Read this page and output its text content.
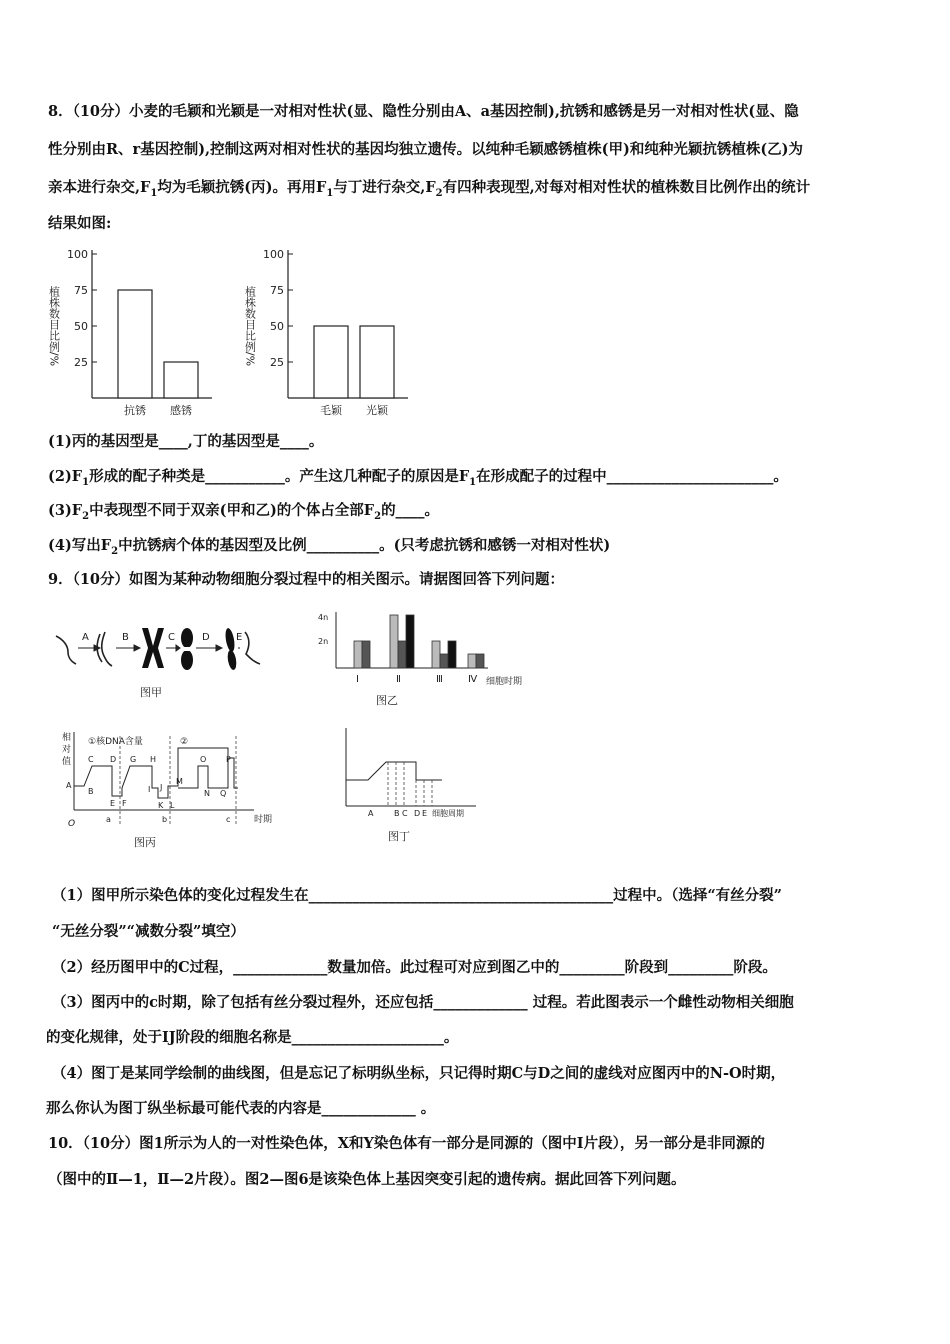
8．（10分）小麦的毛颖和光颖是一对相对性状(显、隐性分别由A、a基因控制),抗锈和感锈是另一对相对性状(显、隐
性分别由R、r基因控制),控制这两对相对性状的基因均独立遗传。以纯种毛颖感锈植株(甲)和纯种光颖抗锈植株(乙)为
亲本进行杂交$,F_1$均为毛颖抗锈(丙)。再用$F_1$与丁进行杂交$,F_2$有四种表现型,对每对相对性状的植株数目比例作出的统计
结果如图:
植株数目比例/% 25
50
75
100
抗锈 感锈
植株数目比例/% 25
50
75
100
毛颖 光颖
(1)丙的基因型是____,丁的基因型是____。
$(2)F_1$形成的配子种类是___________。产生这几种配子的原因是$F_1$在形成配子的过程中_______________________。
$(3)F_2$中表现型不同于双亲(甲和乙)的个体占全部$F_2$的____。
(4)写出$F_2$中抗锈病个体的基因型及比例__________。(只考虑抗锈和感锈一对相对性状)
9．（10分）如图为某种动物细胞分裂过程中的相关图示。请据图回答下列问题：
A	B	C	D	E
图甲
4n
2n
Ⅰ	Ⅱ	Ⅲ	Ⅳ 细胞时期
图乙
相
对
值
①核DNA含量	②
O	时期
A
B
C D
E F
G H
I J
K L
M
N
O P
Q
a	b	c
图丙
A	B C D E 细胞周期
图丁
（1）图甲所示染色体的变化过程发生在__________________________________________过程中。（选择“有丝分裂”
“无丝分裂”“减数分裂”填空）
（2）经历图甲中的C过程，_____________数量加倍。此过程可对应到图乙中的_________阶段到_________阶段。
（3）图丙中的c时期，除了包括有丝分裂过程外，还应包括_____________ 过程。若此图表示一个雌性动物相关细胞
的变化规律，处于IJ阶段的细胞名称是_____________________。
（4）图丁是某同学绘制的曲线图，但是忘记了标明纵坐标，只记得时期C与D之间的虚线对应图丙中的N-O时期，
那么你认为图丁纵坐标最可能代表的内容是_____________ 。
10．（10分）图1所示为人的一对性染色体，X和Y染色体有一部分是同源的（图中Ⅰ片段），另一部分是非同源的
（图中的Ⅱ—1，Ⅱ—2片段）。图2—图6是该染色体上基因突变引起的遗传病。据此回答下列问题。
